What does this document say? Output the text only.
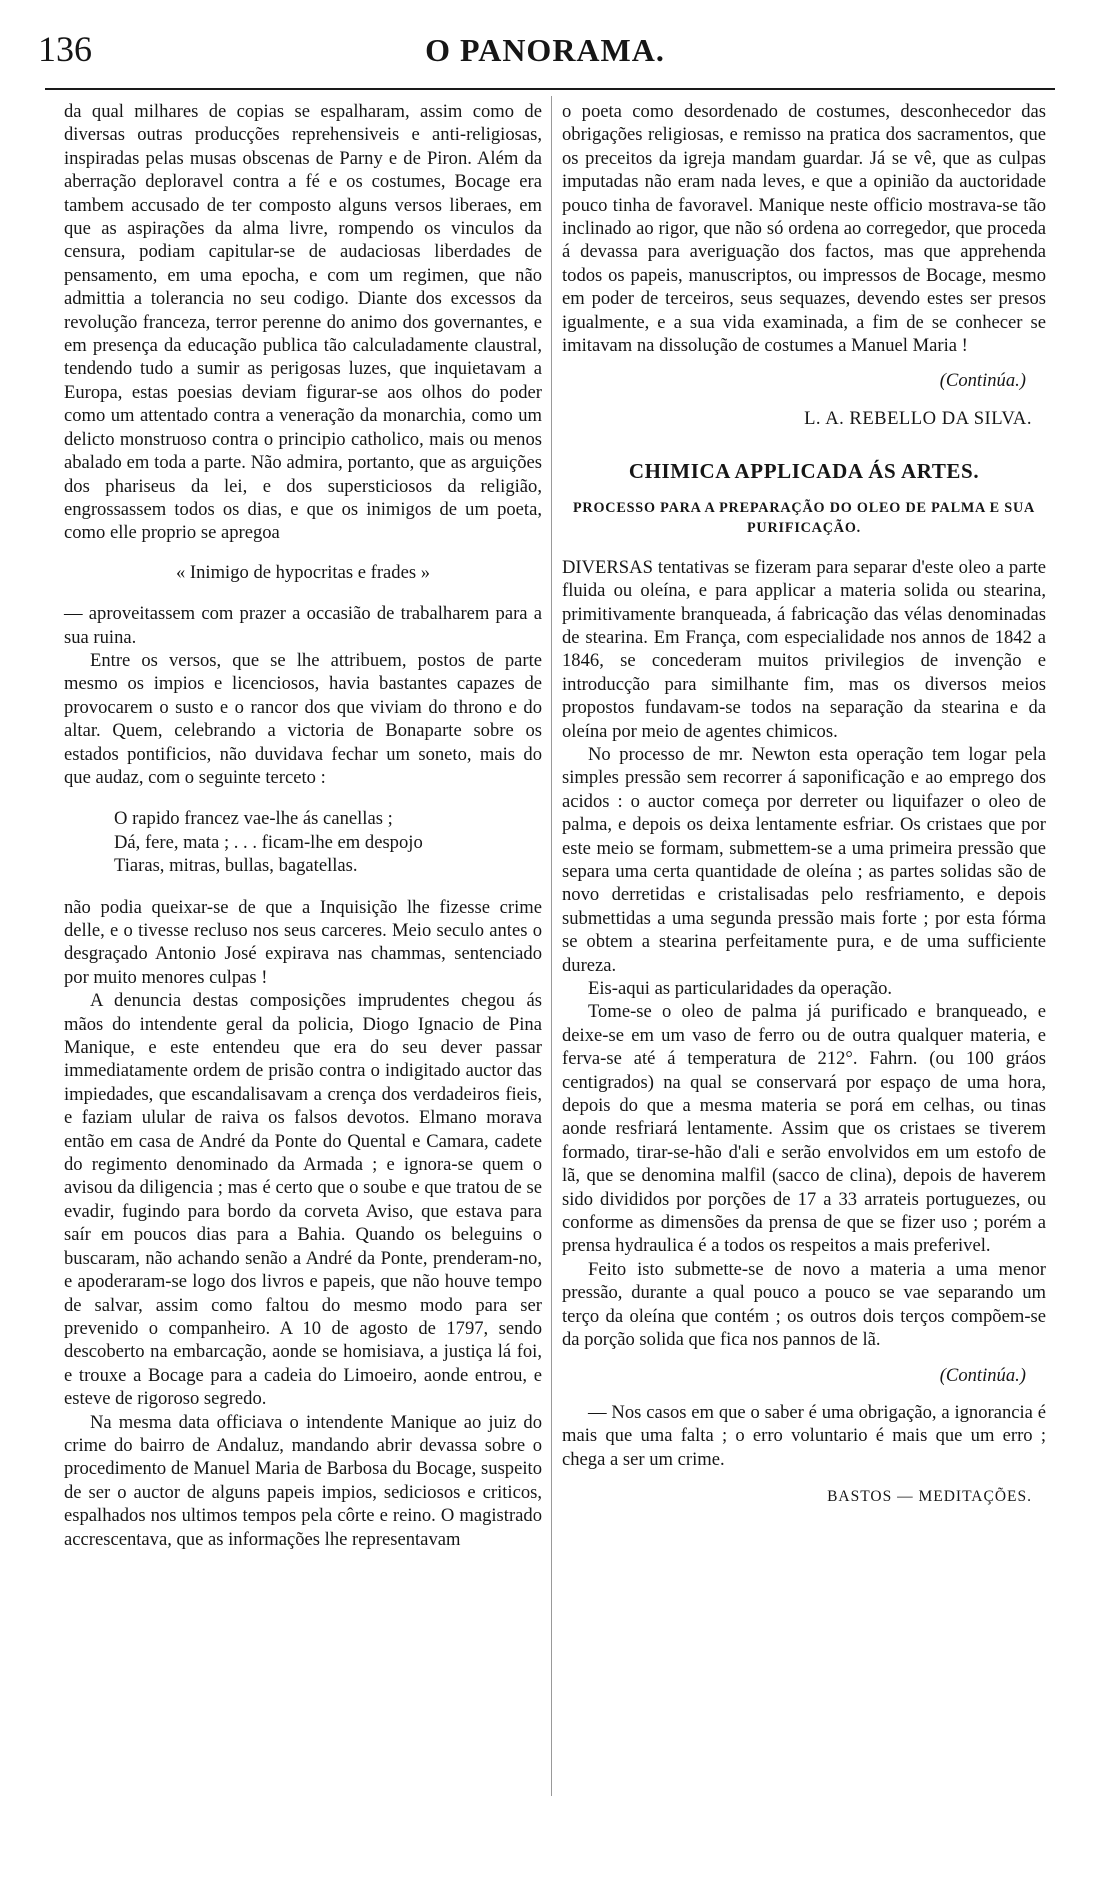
136	O PANORAMA.

da qual milhares de copias se espalharam, assim como de diversas outras producções reprehensiveis e anti-religiosas, inspiradas pelas musas obscenas de Parny e de Piron. Além da aberração deploravel contra a fé e os costumes, Bocage era tambem accusado de ter composto alguns versos liberaes, em que as aspirações da alma livre, rompendo os vinculos da censura, podiam capitular-se de audaciosas liberdades de pensamento, em uma epocha, e com um regimen, que não admittia a tolerancia no seu codigo. Diante dos excessos da revolução franceza, terror perenne do animo dos governantes, e em presença da educação publica tão calculadamente claustral, tendendo tudo a sumir as perigosas luzes, que inquietavam a Europa, estas poesias deviam figurar-se aos olhos do poder como um attentado contra a veneração da monarchia, como um delicto monstruoso contra o principio catholico, mais ou menos abalado em toda a parte. Não admira, portanto, que as arguições dos phariseus da lei, e dos supersticiosos da religião, engrossassem todos os dias, e que os inimigos de um poeta, como elle proprio se apregoa

« Inimigo de hypocritas e frades »

— aproveitassem com prazer a occasião de trabalharem para a sua ruina.

Entre os versos, que se lhe attribuem, postos de parte mesmo os impios e licenciosos, havia bastantes capazes de provocarem o susto e o rancor dos que viviam do throno e do altar. Quem, celebrando a victoria de Bonaparte sobre os estados pontificios, não duvidava fechar um soneto, mais do que audaz, com o seguinte terceto :

O rapido francez vae-lhe ás canellas ;
Dá, fere, mata ; . . . ficam-lhe em despojo
Tiaras, mitras, bullas, bagatellas.

não podia queixar-se de que a Inquisição lhe fizesse crime delle, e o tivesse recluso nos seus carceres. Meio seculo antes o desgraçado Antonio José expirava nas chammas, sentenciado por muito menores culpas !

A denuncia destas composições imprudentes chegou ás mãos do intendente geral da policia, Diogo Ignacio de Pina Manique, e este entendeu que era do seu dever passar immediatamente ordem de prisão contra o indigitado auctor das impiedades, que escandalisavam a crença dos verdadeiros fieis, e faziam ulular de raiva os falsos devotos. Elmano morava então em casa de André da Ponte do Quental e Camara, cadete do regimento denominado da Armada ; e ignora-se quem o avisou da diligencia ; mas é certo que o soube e que tratou de se evadir, fugindo para bordo da corveta Aviso, que estava para saír em poucos dias para a Bahia. Quando os beleguins o buscaram, não achando senão a André da Ponte, prenderam-no, e apoderaram-se logo dos livros e papeis, que não houve tempo de salvar, assim como faltou do mesmo modo para ser prevenido o companheiro. A 10 de agosto de 1797, sendo descoberto na embarcação, aonde se homisiava, a justiça lá foi, e trouxe a Bocage para a cadeia do Limoeiro, aonde entrou, e esteve de rigoroso segredo.

Na mesma data officiava o intendente Manique ao juiz do crime do bairro de Andaluz, mandando abrir devassa sobre o procedimento de Manuel Maria de Barbosa du Bocage, suspeito de ser o auctor de alguns papeis impios, sediciosos e criticos, espalhados nos ultimos tempos pela côrte e reino. O magistrado accrescentava, que as informações lhe representavam

o poeta como desordenado de costumes, desconhecedor das obrigações religiosas, e remisso na pratica dos sacramentos, que os preceitos da igreja mandam guardar. Já se vê, que as culpas imputadas não eram nada leves, e que a opinião da auctoridade pouco tinha de favoravel. Manique neste officio mostrava-se tão inclinado ao rigor, que não só ordena ao corregedor, que proceda á devassa para averiguação dos factos, mas que apprehenda todos os papeis, manuscriptos, ou impressos de Bocage, mesmo em poder de terceiros, seus sequazes, devendo estes ser presos igualmente, e a sua vida examinada, a fim de se conhecer se imitavam na dissolução de costumes a Manuel Maria !

(Continúa.)
L. A. REBELLO DA SILVA.
CHIMICA APPLICADA ÁS ARTES.
PROCESSO PARA A PREPARAÇÃO DO OLEO DE PALMA E SUA PURIFICAÇÃO.

DIVERSAS tentativas se fizeram para separar d'este oleo a parte fluida ou oleína, e para applicar a materia solida ou stearina, primitivamente branqueada, á fabricação das vélas denominadas de stearina. Em França, com especialidade nos annos de 1842 a 1846, se concederam muitos privilegios de invenção e introducção para similhante fim, mas os diversos meios propostos fundavam-se todos na separação da stearina e da oleína por meio de agentes chimicos.

No processo de mr. Newton esta operação tem logar pela simples pressão sem recorrer á saponificação e ao emprego dos acidos : o auctor começa por derreter ou liquifazer o oleo de palma, e depois os deixa lentamente esfriar. Os cristaes que por este meio se formam, submettem-se a uma primeira pressão que separa uma certa quantidade de oleína ; as partes solidas são de novo derretidas e cristalisadas pelo resfriamento, e depois submettidas a uma segunda pressão mais forte ; por esta fórma se obtem a stearina perfeitamente pura, e de uma sufficiente dureza.

Eis-aqui as particularidades da operação.

Tome-se o oleo de palma já purificado e branqueado, e deixe-se em um vaso de ferro ou de outra qualquer materia, e ferva-se até á temperatura de 212°. Fahrn. (ou 100 gráos centigrados) na qual se conservará por espaço de uma hora, depois do que a mesma materia se porá em celhas, ou tinas aonde resfriará lentamente. Assim que os cristaes se tiverem formado, tirar-se-hão d'ali e serão envolvidos em um estofo de lã, que se denomina malfil (sacco de clina), depois de haverem sido divididos por porções de 17 a 33 arrateis portuguezes, ou conforme as dimensões da prensa de que se fizer uso ; porém a prensa hydraulica é a todos os respeitos a mais preferivel.

Feito isto submette-se de novo a materia a uma menor pressão, durante a qual pouco a pouco se vae separando um terço da oleína que contém ; os outros dois terços compõem-se da porção solida que fica nos pannos de lã.

(Continúa.)

— Nos casos em que o saber é uma obrigação, a ignorancia é mais que uma falta ; o erro voluntario é mais que um erro ; chega a ser um crime.

BASTOS — MEDITAÇÕES.
